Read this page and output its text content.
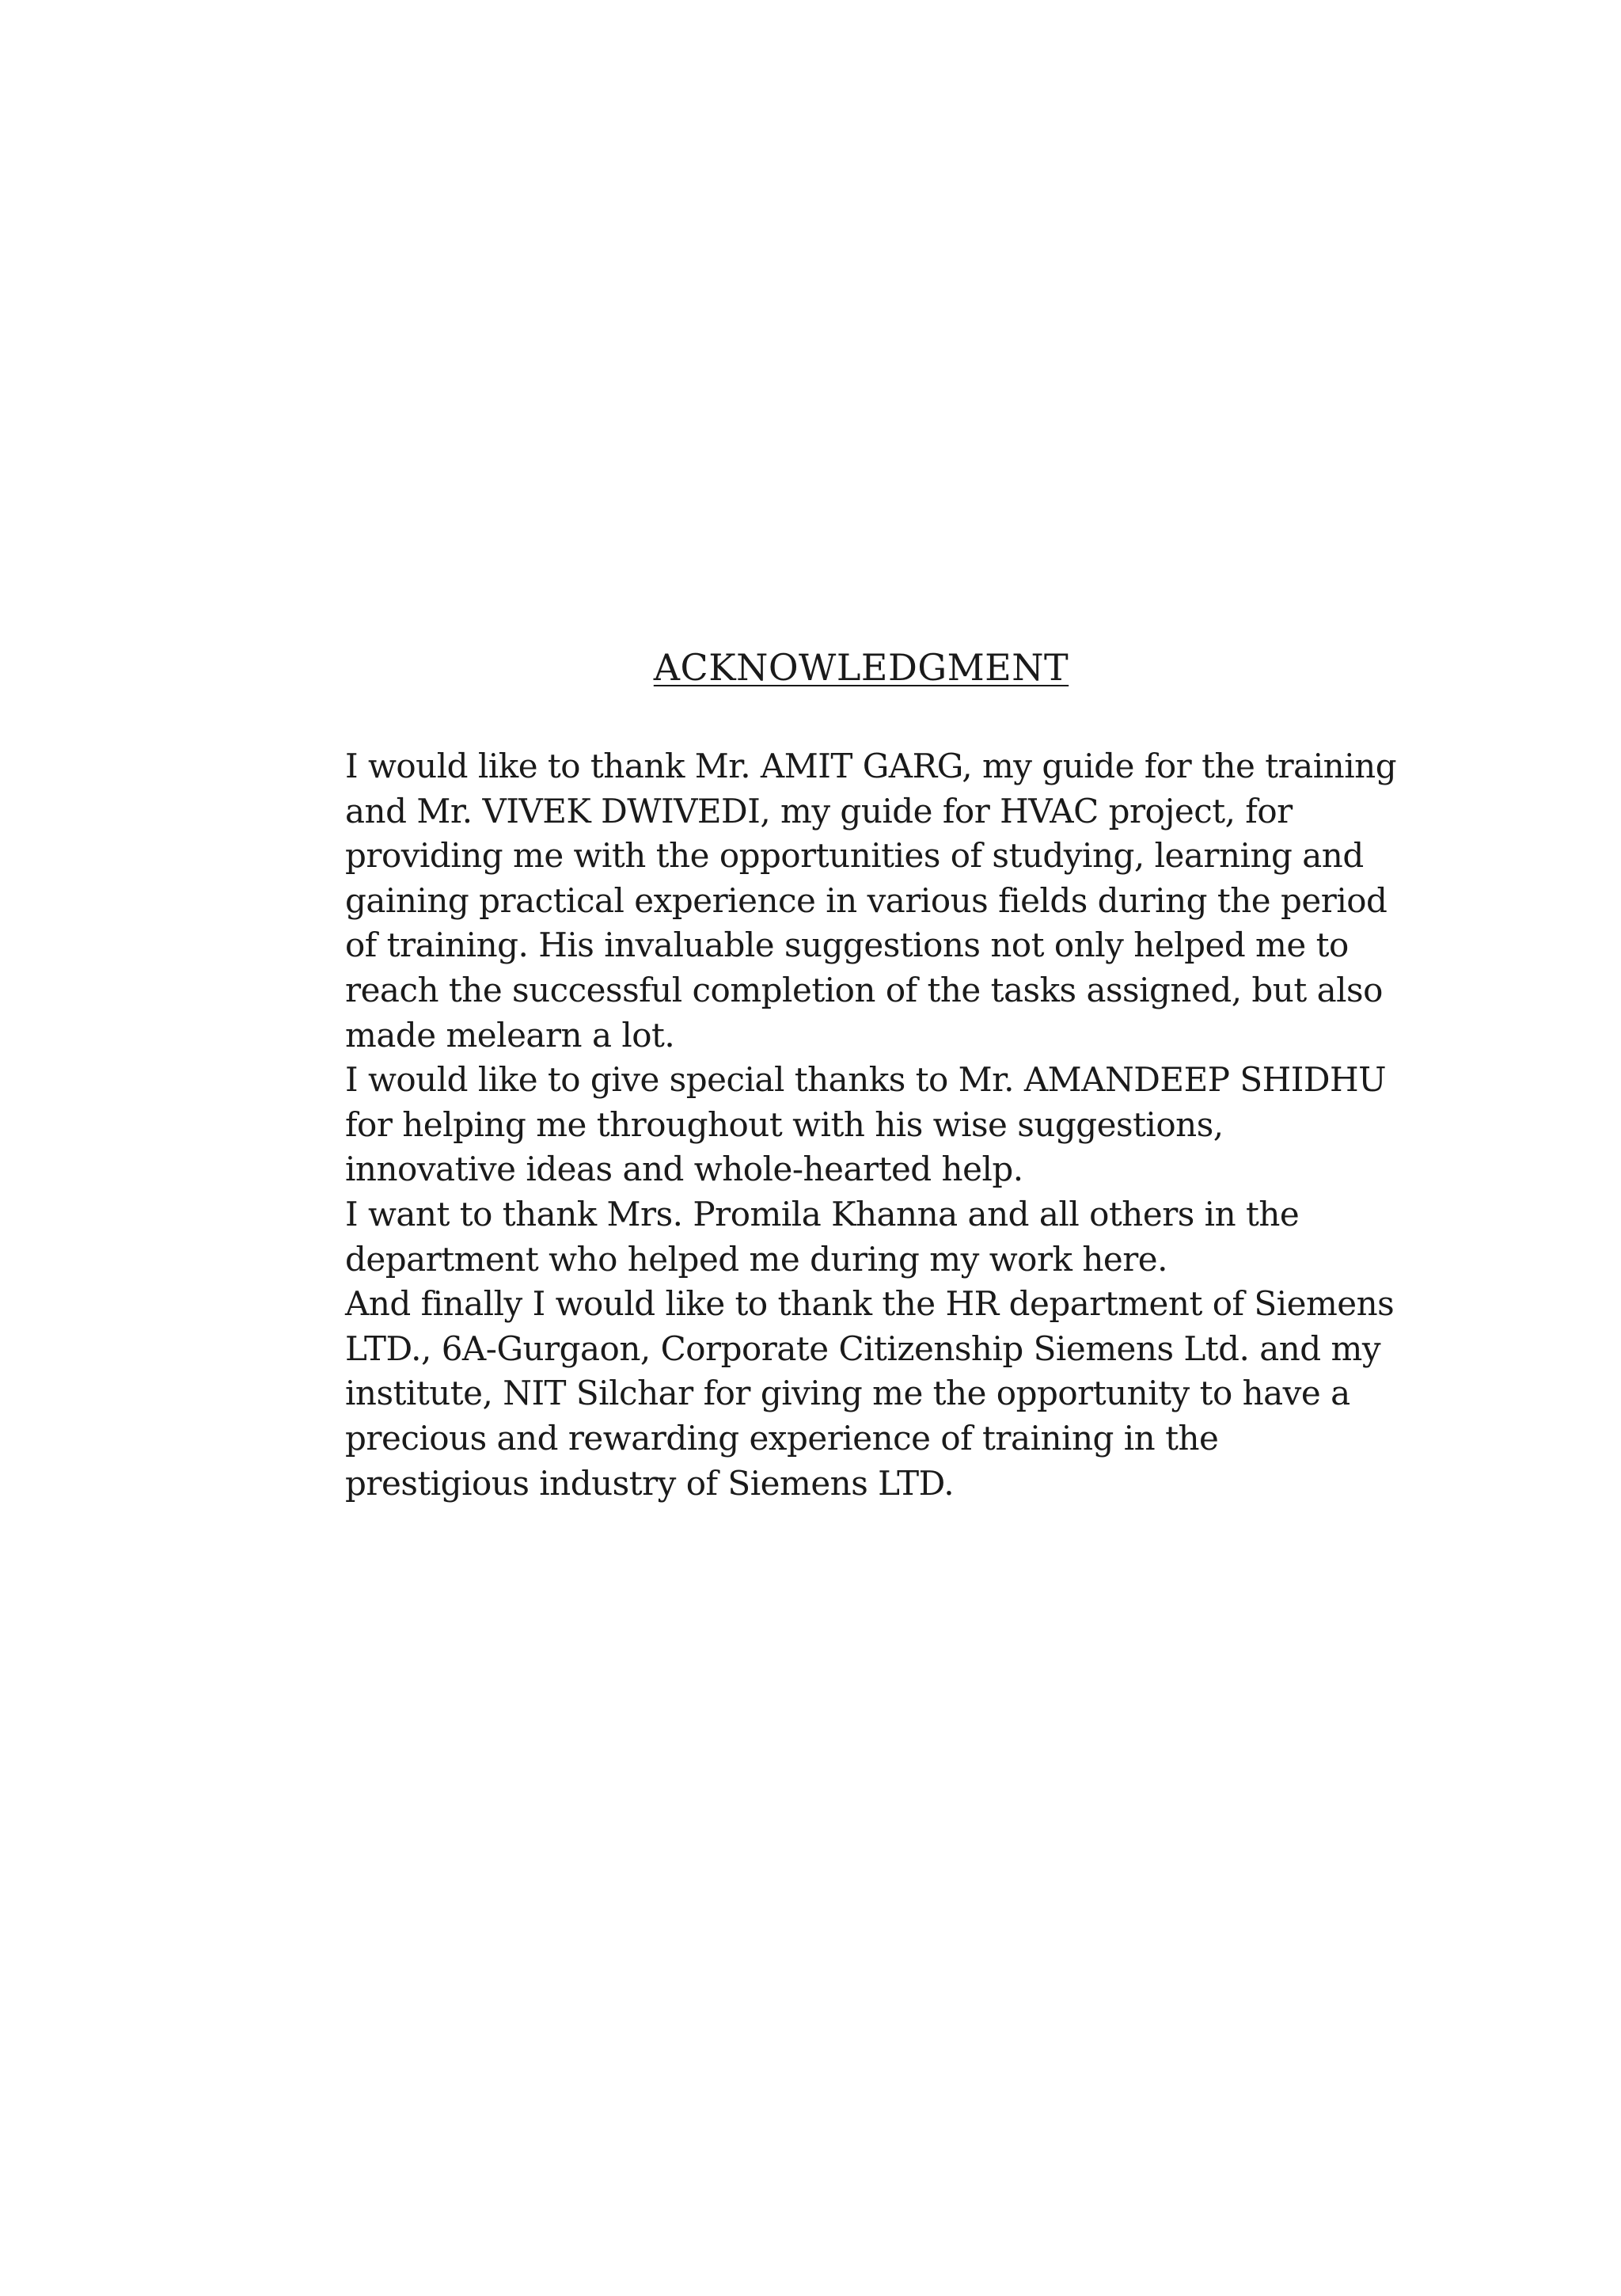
ACKNOWLEDGMENT
I would like to thank Mr. AMIT GARG, my guide for the training
and Mr. VIVEK DWIVEDI, my guide for HVAC project, for
providing me with the opportunities of studying, learning and
gaining practical experience in various fields during the period
of training. His invaluable suggestions not only helped me to
reach the successful completion of the tasks assigned, but also
made melearn a lot.
I would like to give special thanks to Mr. AMANDEEP SHIDHU
for helping me throughout with his wise suggestions,
innovative ideas and whole-hearted help.
I want to thank Mrs. Promila Khanna and all others in the
department who helped me during my work here.
And finally I would like to thank the HR department of Siemens
LTD., 6A-Gurgaon, Corporate Citizenship Siemens Ltd. and my
institute, NIT Silchar for giving me the opportunity to have a
precious and rewarding experience of training in the
prestigious industry of Siemens LTD.
